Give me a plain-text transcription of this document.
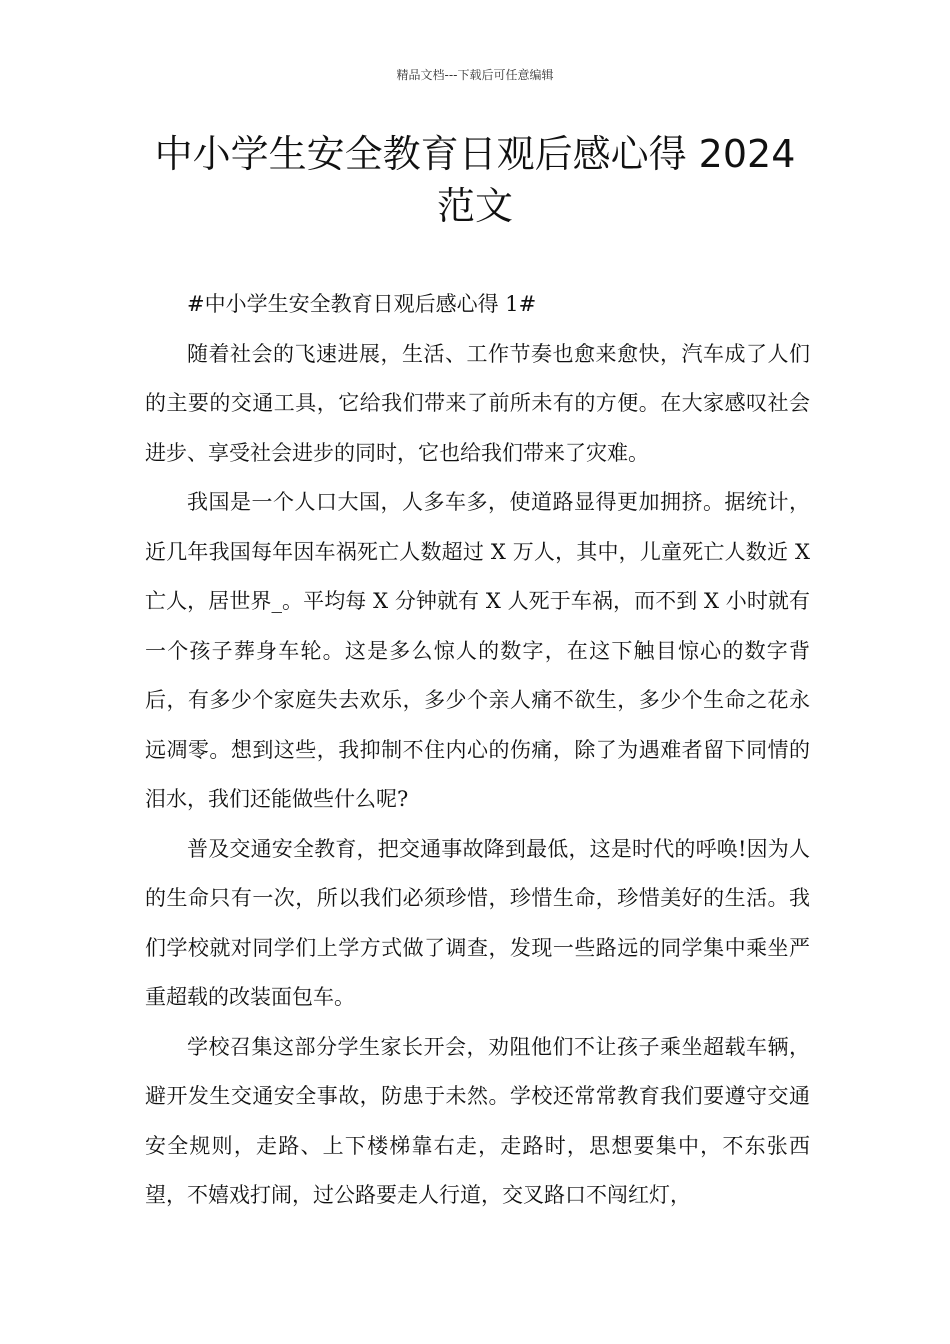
精品文档---下载后可任意编辑
中小学生安全教育日观后感心得 2024
范文

#中小学生安全教育日观后感心得 1#

随着社会的飞速进展，生活、工作节奏也愈来愈快，汽车成了人们的主要的交通工具，它给我们带来了前所未有的方便。在大家感叹社会进步、享受社会进步的同时，它也给我们带来了灾难。

我国是一个人口大国，人多车多，使道路显得更加拥挤。据统计，近几年我国每年因车祸死亡人数超过 X 万人，其中，儿童死亡人数近 X 亡人，居世界_。平均每 X 分钟就有 X 人死于车祸，而不到 X 小时就有一个孩子葬身车轮。这是多么惊人的数字，在这下触目惊心的数字背后，有多少个家庭失去欢乐，多少个亲人痛不欲生，多少个生命之花永远凋零。想到这些，我抑制不住内心的伤痛，除了为遇难者留下同情的泪水，我们还能做些什么呢?

普及交通安全教育，把交通事故降到最低，这是时代的呼唤!因为人的生命只有一次，所以我们必须珍惜，珍惜生命，珍惜美好的生活。我们学校就对同学们上学方式做了调查，发现一些路远的同学集中乘坐严重超载的改装面包车。

学校召集这部分学生家长开会，劝阻他们不让孩子乘坐超载车辆，避开发生交通安全事故，防患于未然。学校还常常教育我们要遵守交通安全规则，走路、上下楼梯靠右走，走路时，思想要集中，不东张西望，不嬉戏打闹，过公路要走人行道，交叉路口不闯红灯，
